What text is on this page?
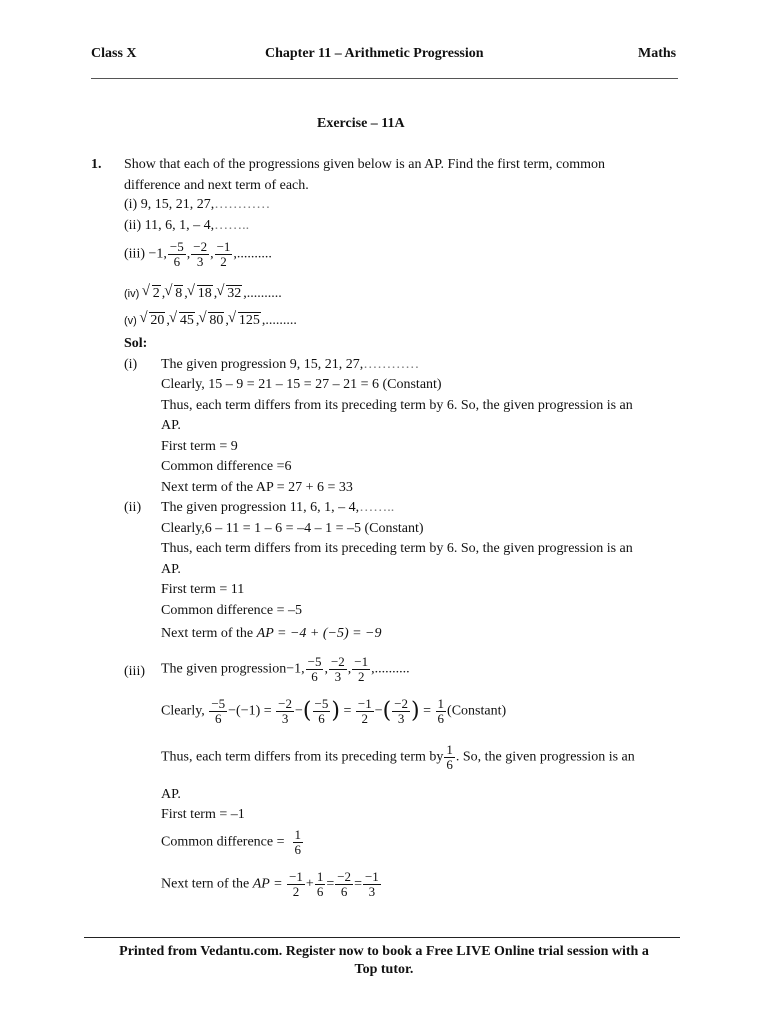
Class X	Chapter 11 – Arithmetic Progression	Maths
Exercise – 11A
1. Show that each of the progressions given below is an AP. Find the first term, common
difference and next term of each.
(i) 9, 15, 21, 27,…………
(ii) 11, 6, 1, – 4,……..
(iii) −1, $\frac{-5}{6}$ , $\frac{-2}{3}$ , $\frac{-1}{2}$ ,..........
(iv) √ 2 , √ 8 , √ 18 , √ 32 ,..........
(v) √ 20 , √ 45 , √ 80 , √ 125 ,.........
Sol:
(i) The given progression 9, 15, 21, 27,…………
Clearly, 15 – 9 = 21 – 15 = 27 – 21 = 6 (Constant)
Thus, each term differs from its preceding term by 6. So, the given progression is an
AP.
First term = 9
Common difference =6
Next term of the AP = 27 + 6 = 33
(ii) The given progression 11, 6, 1, – 4,……..
Clearly,6 – 11 = 1 – 6 = –4 – 1 = –5 (Constant)
Thus, each term differs from its preceding term by 6. So, the given progression is an
AP.
First term = 11
Common difference = –5
Next term of the AP = −4 + (−5) = −9
(iii) The given progression−1, $\frac{-5}{6}$ , $\frac{-2}{3}$ , $\frac{-1}{2}$ ,..........
Clearly, $\frac{-5}{6} -(-1) = \frac{-2}{3}$ −( $\frac{-5}{6}$ ) = $\frac{-1}{2}$ −( $\frac{-2}{3}$ ) = $\frac{1}{6}$ (Constant)
Thus, each term differs from its preceding term by $\frac{1}{6}$ . So, the given progression is an
AP.
First term = –1
Common difference = $\frac{1}{6}$
Next tern of the AP = $\frac{-1}{2} + \frac{1}{6} = \frac{-2}{6} = \frac{-1}{3}$
Printed from Vedantu.com. Register now to book a Free LIVE Online trial session with a
Top tutor.
